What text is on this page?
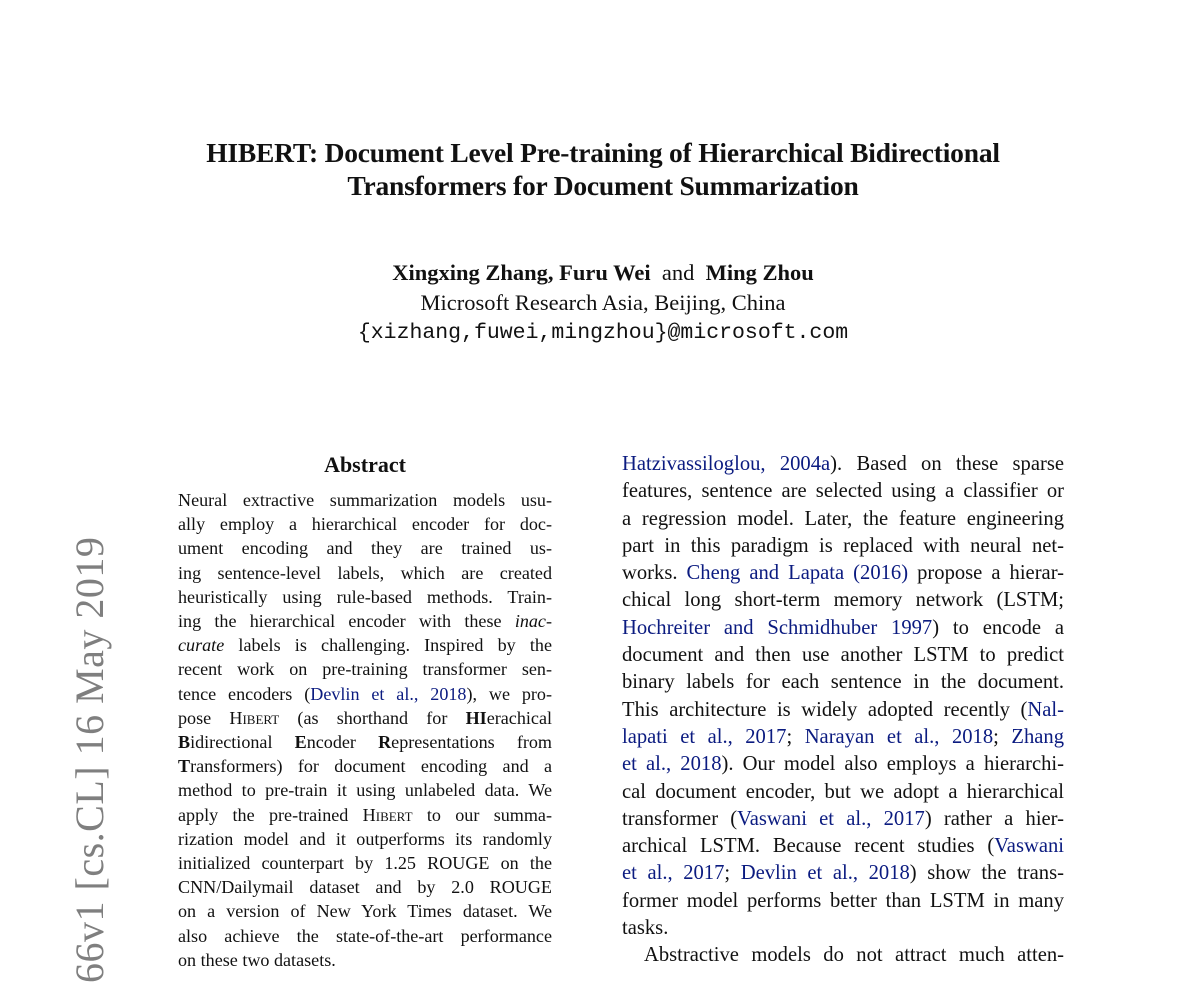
66v1 [cs.CL] 16 May 2019
HIBERT: Document Level Pre-training of Hierarchical Bidirectional
Transformers for Document Summarization
Xingxing Zhang, Furu Wei and Ming Zhou
Microsoft Research Asia, Beijing, China
{xizhang,fuwei,mingzhou}@microsoft.com
Abstract
Neural extractive summarization models usu-
ally employ a hierarchical encoder for doc-
ument encoding and they are trained us-
ing sentence-level labels, which are created
heuristically using rule-based methods. Train-
ing the hierarchical encoder with these inac-
curate labels is challenging. Inspired by the
recent work on pre-training transformer sen-
tence encoders (Devlin et al., 2018), we pro-
pose Hibert (as shorthand for HIerachical
Bidirectional Encoder Representations from
Transformers) for document encoding and a
method to pre-train it using unlabeled data. We
apply the pre-trained Hibert to our summa-
rization model and it outperforms its randomly
initialized counterpart by 1.25 ROUGE on the
CNN/Dailymail dataset and by 2.0 ROUGE
on a version of New York Times dataset. We
also achieve the state-of-the-art performance
on these two datasets.
Hatzivassiloglou, 2004a). Based on these sparse
features, sentence are selected using a classifier or
a regression model. Later, the feature engineering
part in this paradigm is replaced with neural net-
works. Cheng and Lapata (2016) propose a hierar-
chical long short-term memory network (LSTM;
Hochreiter and Schmidhuber 1997) to encode a
document and then use another LSTM to predict
binary labels for each sentence in the document.
This architecture is widely adopted recently (Nal-
lapati et al., 2017; Narayan et al., 2018; Zhang
et al., 2018). Our model also employs a hierarchi-
cal document encoder, but we adopt a hierarchical
transformer (Vaswani et al., 2017) rather a hier-
archical LSTM. Because recent studies (Vaswani
et al., 2017; Devlin et al., 2018) show the trans-
former model performs better than LSTM in many
tasks.
Abstractive models do not attract much atten-
